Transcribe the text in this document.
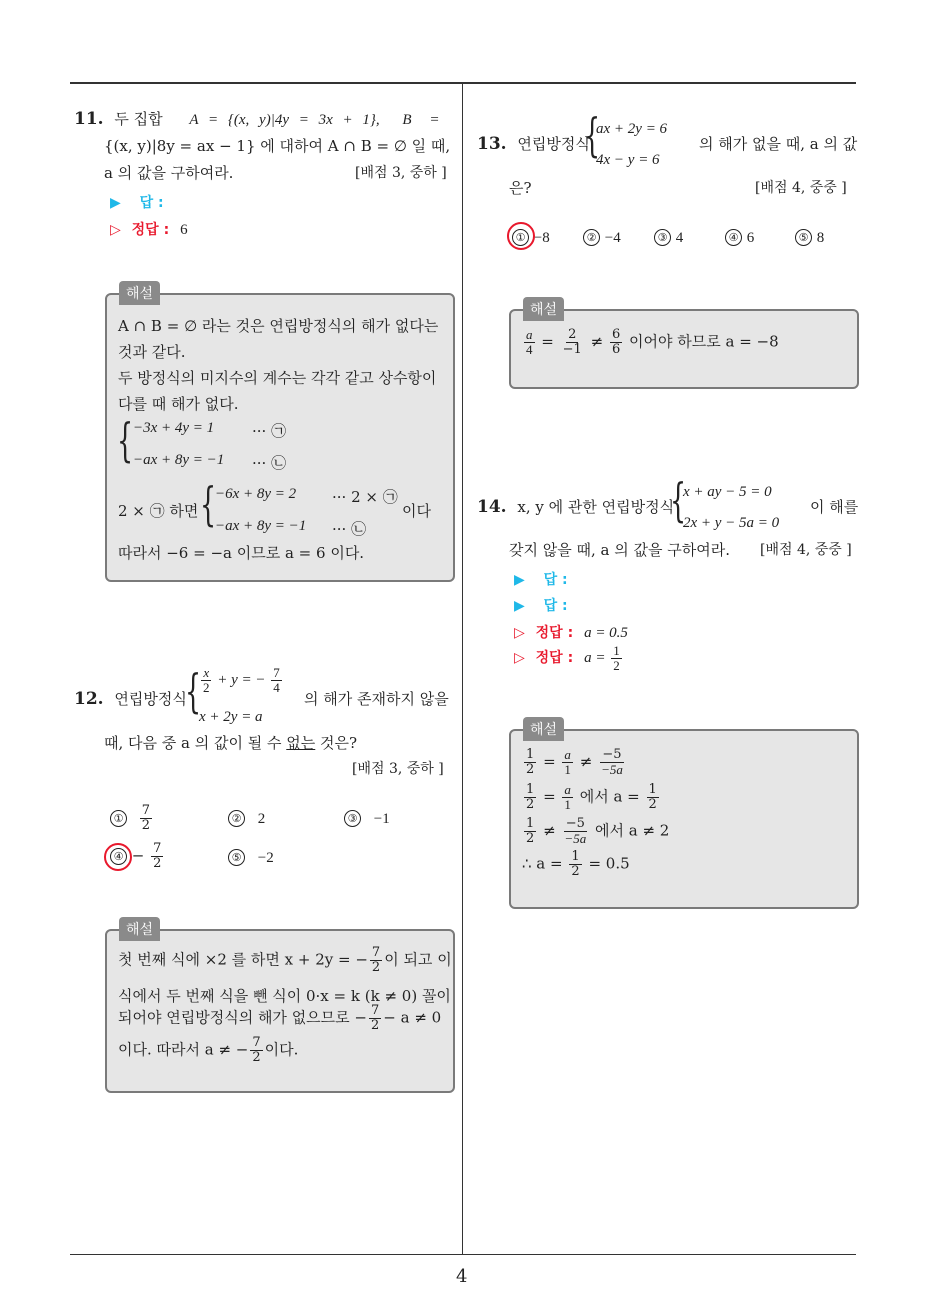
4
11. 두 집합 A = {(x, y)|4y = 3x + 1}, B =
{(x, y)|8y = ax − 1} 에 대하여 A ∩ B = ∅ 일 때,
a 의 값을 구하여라.	[배점 3, 중하 ]
▶ 답 :
▷ 정답 : 6
해설
A ∩ B = ∅ 라는 것은 연립방정식의 해가 없다는
것과 같다.
두 방정식의 미지수의 계수는 각각 같고 상수항이
다를 때 해가 없다.
{ −3x + 4y = 1	··· ㉠
−ax + 8y = −1 ··· ㉡
2 × ㉠ 하면 {
−6x + 8y = 2 ··· 2 × ㉠
−ax + 8y = −1 ··· ㉡
이다
따라서 −6 = −a 이므로 a = 6 이다.
12. 연립방정식
{ $\frac{x}{2} + y$ = − $\frac{7}{4}$
x + 2y = a
의 해가 존재하지 않을
때, 다음 중 a 의 값이 될 수 없는 것은?
[배점 3, 중하 ]
① $\frac{7}{2}$	② 2	③ −1
④ − $\frac{7}{2}$	⑤ −2
해설
첫 번째 식에 ×2 를 하면 x + 2y = − $\frac{7}{2}$ 이 되고 이
식에서 두 번째 식을 뺀 식이 0·x = k (k ≠ 0) 꼴이
되어야 연립방정식의 해가 없으므로 − $\frac{7}{2} - a \ne 0$
이다. 따라서 a ≠ − $\frac{7}{2}$ 이다.
13. 연립방정식
{
ax + 2y = 6
4x − y = 6
의 해가 없을 때, a 의 값
은?	[배점 4, 중중 ]
① −8	② −4	③ 4	④ 6	⑤ 8
해설
$\frac{a}{4} = \frac{2}{-1} \ne \frac{6}{6}$ 이어야 하므로 a = −8
14. x, y 에 관한 연립방정식
{
x + ay − 5 = 0
2x + y − 5a = 0
이 해를
갖지 않을 때, a 의 값을 구하여라. [배점 4, 중중 ]
▶ 답 :
▶ 답 :
▷ 정답 : a = 0.5
▷ 정답 : $a = \frac{1}{2}$
해설
$\frac{1}{2} = \frac{a}{1} \ne \frac{-5}{-5a}$
$\frac{1}{2} = \frac{a}{1}$ 에서 $a = \frac{1}{2}$
$\frac{1}{2} \ne \frac{-5}{-5a}$ 에서 a ≠ 2
∴ $a = \frac{1}{2} = 0.5$
